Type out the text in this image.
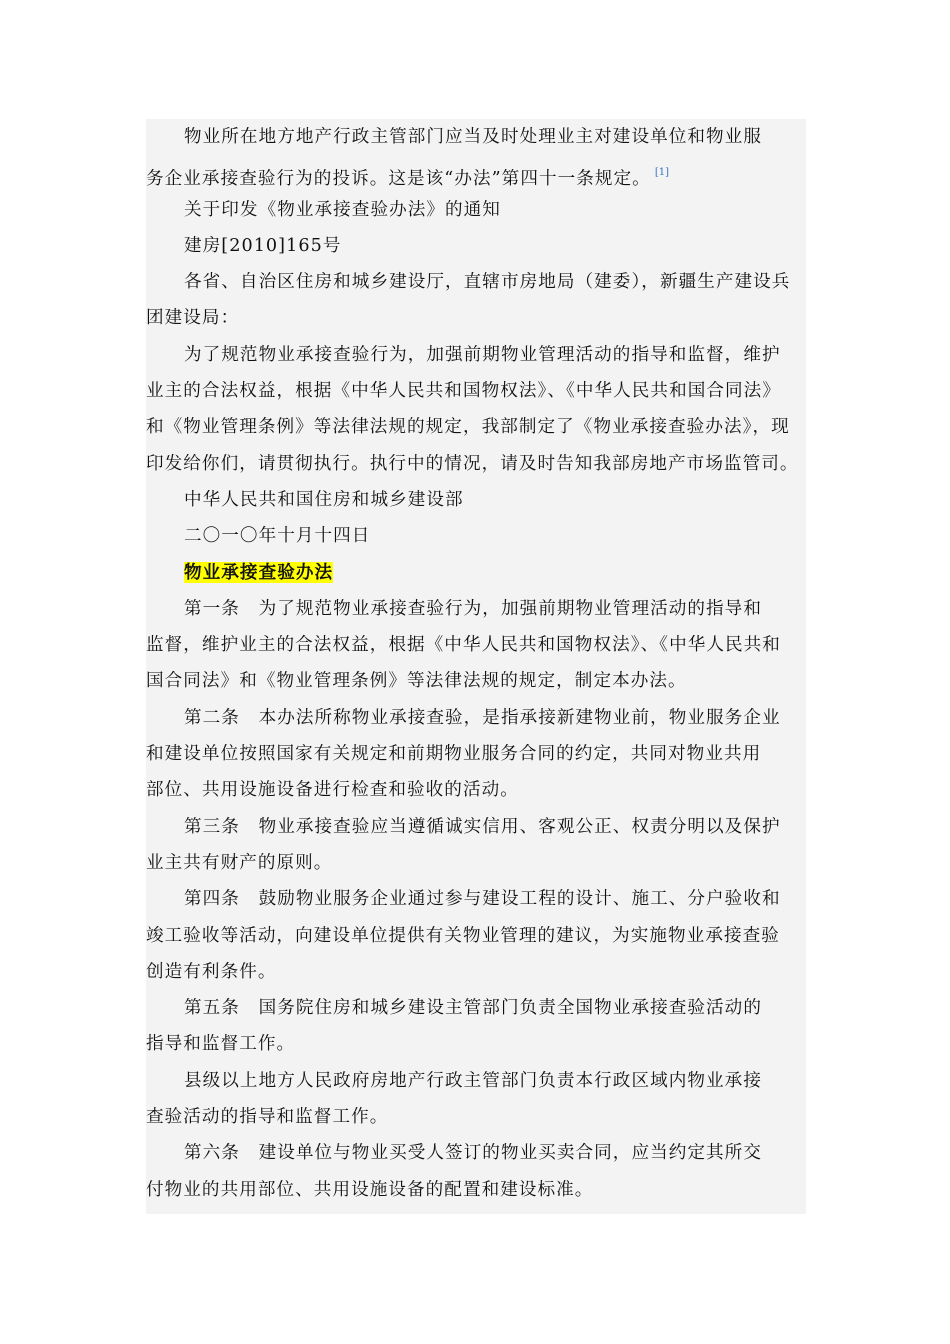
物业所在地方地产行政主管部门应当及时处理业主对建设单位和物业服
务企业承接查验行为的投诉。这是该“办法”第四十一条规定。 [1]
关于印发《物业承接查验办法》的通知
建房[2010]165号
各省、自治区住房和城乡建设厅，直辖市房地局（建委），新疆生产建设兵
团建设局：
为了规范物业承接查验行为，加强前期物业管理活动的指导和监督，维护
业主的合法权益，根据《中华人民共和国物权法》、《中华人民共和国合同法》
和《物业管理条例》等法律法规的规定，我部制定了《物业承接查验办法》，现
印发给你们，请贯彻执行。执行中的情况，请及时告知我部房地产市场监管司。
中华人民共和国住房和城乡建设部
二〇一〇年十月十四日
物业承接查验办法
第一条　为了规范物业承接查验行为，加强前期物业管理活动的指导和
监督，维护业主的合法权益，根据《中华人民共和国物权法》、《中华人民共和
国合同法》和《物业管理条例》等法律法规的规定，制定本办法。
第二条　本办法所称物业承接查验，是指承接新建物业前，物业服务企业
和建设单位按照国家有关规定和前期物业服务合同的约定，共同对物业共用
部位、共用设施设备进行检查和验收的活动。
第三条　物业承接查验应当遵循诚实信用、客观公正、权责分明以及保护
业主共有财产的原则。
第四条　鼓励物业服务企业通过参与建设工程的设计、施工、分户验收和
竣工验收等活动，向建设单位提供有关物业管理的建议，为实施物业承接查验
创造有利条件。
第五条　国务院住房和城乡建设主管部门负责全国物业承接查验活动的
指导和监督工作。
县级以上地方人民政府房地产行政主管部门负责本行政区域内物业承接
查验活动的指导和监督工作。
第六条　建设单位与物业买受人签订的物业买卖合同，应当约定其所交
付物业的共用部位、共用设施设备的配置和建设标准。
